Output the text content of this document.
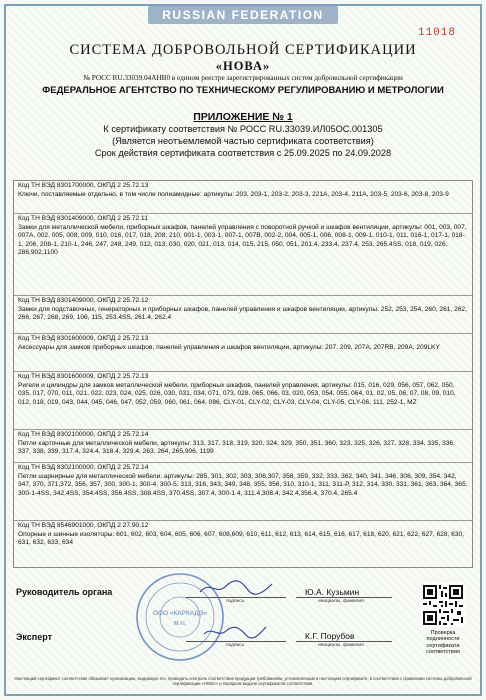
RUSSIAN FEDERATION
11018
СИСТЕМА ДОБРОВОЛЬНОЙ СЕРТИФИКАЦИИ
«НОВА»
№ РОСС RU.33039.04АНВ0 в едином реестре зарегистрированных систем добровольной сертификации
ФЕДЕРАЛЬНОЕ АГЕНТСТВО ПО ТЕХНИЧЕСКОМУ РЕГУЛИРОВАНИЮ И МЕТРОЛОГИИ
ПРИЛОЖЕНИЕ № 1
К сертификату соответствия № РОСС RU.33039.ИЛ05ОС.001305
(Является неотъемлемой частью сертификата соответствия)
Срок действия сертификата соответствия с 25.09.2025 по 24.09.2028
Код ТН ВЭД 8301700000, ОКПД 2 25.72.13
Ключи, поставляемые отдельно, в том числе полиамидные: артикулы: 203, 203-1, 203-2, 203-3, 221А, 203-4, 211А, 203-5, 203-6, 203-8, 203-9
Код ТН ВЭД 8301409000, ОКПД 2 25.72.11
Замки для металлической мебели, приборных шкафов, панелей управления с поворотной ручкой и шкафов вентиляции, артикулы: 001, 003, 007, 007А, 002, 005, 008, 009, 010, 016, 017, 018, 208, 210, 001-1, 003-1, 007-1, 007В, 002-2, 004, 005-1, 006, 008-1, 009-1, 010-1, 011, 016-1, 017-1, 018-1, 206, 208-1, 210-1, 246, 247, 248, 249, 012, 013, 030, 020, 021, 013, 014, 015, 215, 050, 051, 201.4, 233.4, 237.4, 253, 265.4SS, 018, 019, 026, 286,902,1100
Код ТН ВЭД 8301409000, ОКПД 2 25.72.12
Замки для подставочных, генераторных и приборных шкафов, панелей управления и шкафов вентиляции, артикулы: 252, 253, 254, 260, 261, 262, 266, 267, 268, 269, 106, 115, 253.4SS, 261.4, 262.4
Код ТН ВЭД 8301600009, ОКПД 2 25.72.13
Аксессуары для замков приборных шкафов, панелей управления и шкафов вентиляции, артикулы: 207, 209, 207А, 207RB, 209А, 209LKY
Код ТН ВЭД 8301600009, ОКПД 2 25.72.13
Ригели и цилиндры для замков металлической мебели, приборных шкафов, панелей управления, артикулы: 015, 016, 029, 056, 057, 062, 050, 035, 017, 070, 011, 021, 022, 023, 024, 025, 026, 030, 031, 034, 071, 073, 028, 065, 066, 03, 020, 053, 054, 055, 064, 01, 02, 05, 06, 07, 08, 09, 010, 012, 018, 019, 043, 044, 045, 046, 047, 052, 059, 060, 061, 064, 086, CLY-01, CLY-02, CLY-03, CLY-04, CLY-05, CLY-06, 111, 252-1, MZ
Код ТН ВЭД 8302100000, ОКПД 2 25.72.14
Петли карточные для металлической мебели, артикулы: 313, 317, 318, 319, 320, 324, 329, 350, 351, 360, 323, 325, 326, 327, 328, 334, 335, 336, 337, 338, 339, 317.4, 324.4, 318.4, 329.4, 263, 264, 265,906, 1199
Код ТН ВЭД 8302100000, ОКПД 2 25.72.14
Петли шарнирные для металлической мебели, артикулы: 285, 301, 302, 303, 306,307, 358, 359, 332, 333, 362, 340, 341, 346, 308, 309, 354, 342, 347, 370, 371,372, 356, 357, 300, 300-1, 300-4, 300-5, 313, 316, 343, 349, 348, 355, 356, 310, 310-1, 311, 311-Р, 312, 314, 330, 331, 361, 363, 364, 365, 300-1-4SS, 342.4SS, 354.4SS, 356.4SS, 308.4SS, 370.4SS, 307.4, 300-1.4, 311.4,308.4, 342.4,356.4, 370.4, 265.4
Код ТН ВЭД 8546901000, ОКПД 2 27.90.12
Опорные и шинные изоляторы: 601, 602, 603, 604, 605, 606, 607, 608,609, 610, 611, 612, 613, 614, 615, 616, 617, 618, 620, 621, 622, 627, 628, 630, 631, 632, 633, 634
Руководитель органа
подпись
Ю.А. Кузьмин
инициалы, фамилия
Эксперт
подпись
К.Г. Порубов
инициалы, фамилия
ООО «КАРКАДЭ»
М.П.
Проверка подлинности сертификата соответствия
Настоящий сертификат соответствия обязывает организацию, выдавшую его, проводить контроль соответствия продукции требованиям, установленным в настоящем сертификате, в соответствии с правилами системы добровольной сертификации «НОВА» и порядком выдачи сертификатов соответствия.
